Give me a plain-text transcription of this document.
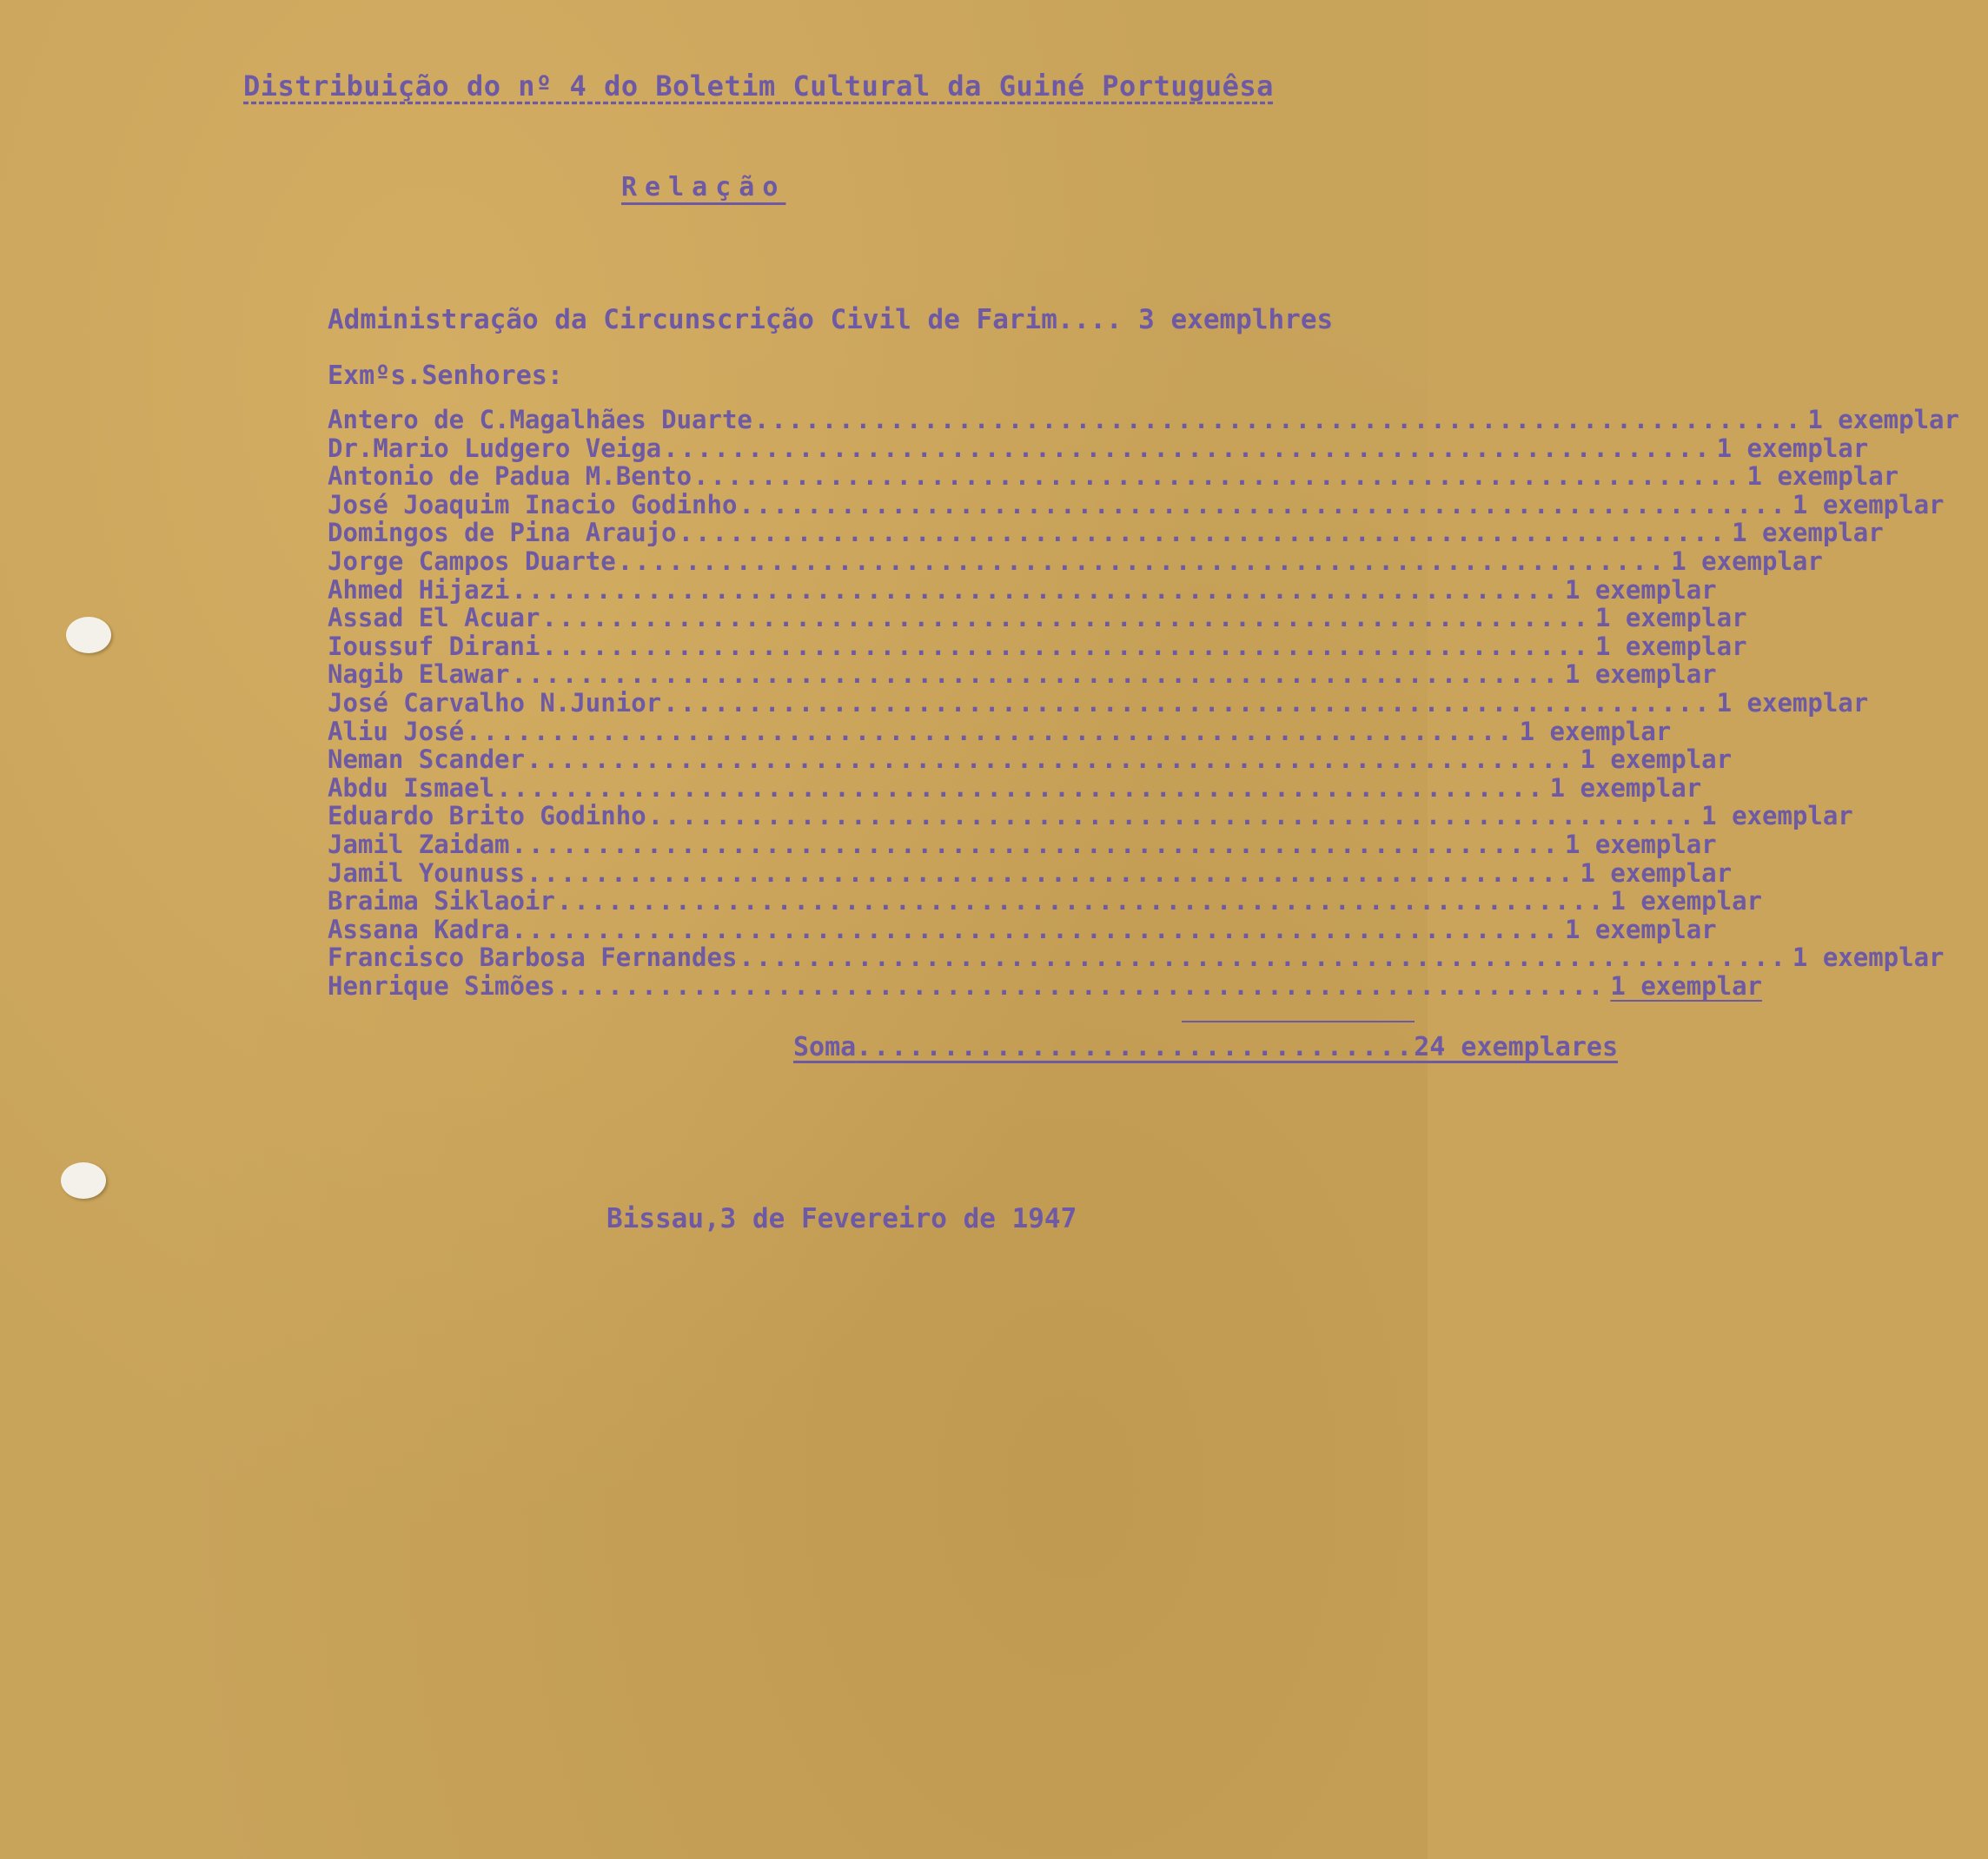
Distribuição do nº 4 do Boletim Cultural da Guiné Portuguêsa
Relação
Administração da Circunscrição Civil de Farim.... 3 exemplhres
Exmºs.Senhores:
Antero de C.Magalhães Duarte .............................................................. 1 exemplar
Dr.Mario Ludgero Veiga .............................................................. 1 exemplar
Antonio de Padua M.Bento .............................................................. 1 exemplar
José Joaquim Inacio Godinho .............................................................. 1 exemplar
Domingos de Pina Araujo .............................................................. 1 exemplar
Jorge Campos Duarte .............................................................. 1 exemplar
Ahmed Hijazi .............................................................. 1 exemplar
Assad El Acuar .............................................................. 1 exemplar
Ioussuf Dirani .............................................................. 1 exemplar
Nagib Elawar .............................................................. 1 exemplar
José Carvalho N.Junior .............................................................. 1 exemplar
Aliu José .............................................................. 1 exemplar
Neman Scander .............................................................. 1 exemplar
Abdu Ismael .............................................................. 1 exemplar
Eduardo Brito Godinho .............................................................. 1 exemplar
Jamil Zaidam .............................................................. 1 exemplar
Jamil Younuss .............................................................. 1 exemplar
Braima Siklaoir .............................................................. 1 exemplar
Assana Kadra .............................................................. 1 exemplar
Francisco Barbosa Fernandes .............................................................. 1 exemplar
Henrique Simões .............................................................. 1 exemplar
Soma ................................ 24 exemplares
Bissau,3 de Fevereiro de 1947
